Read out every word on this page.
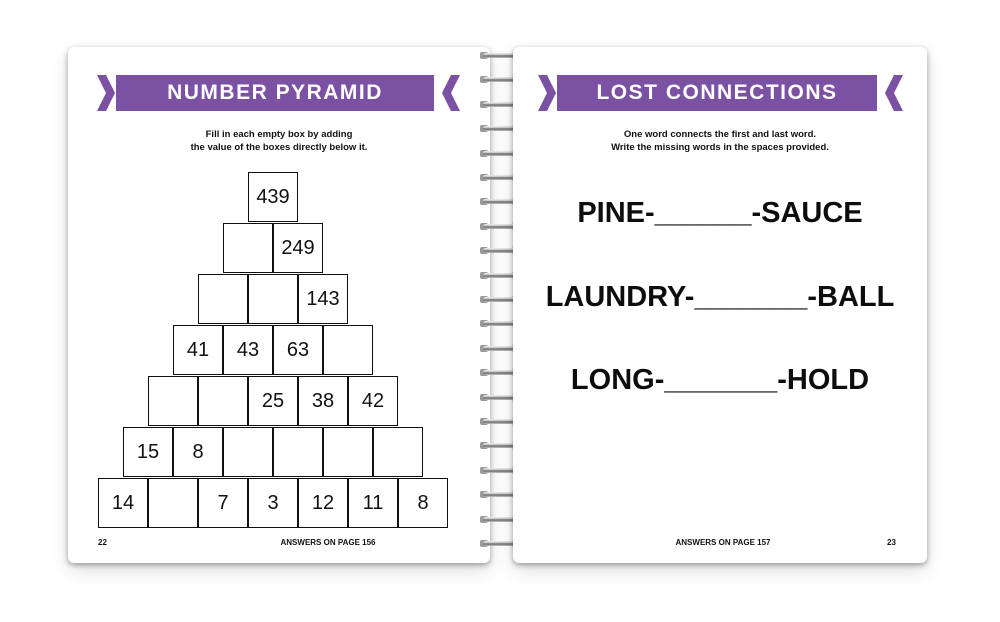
NUMBER PYRAMID
Fill in each empty box by adding
the value of the boxes directly below it.
439
249
143
41	43	63
25	38	42
15	8
14	7	3	12	11	8
22	ANSWERS ON PAGE 156
LOST CONNECTIONS
One word connects the first and last word.
Write the missing words in the spaces provided.
PINE-______-SAUCE
LAUNDRY-_______-BALL
LONG-_______-HOLD
ANSWERS ON PAGE 157	23
